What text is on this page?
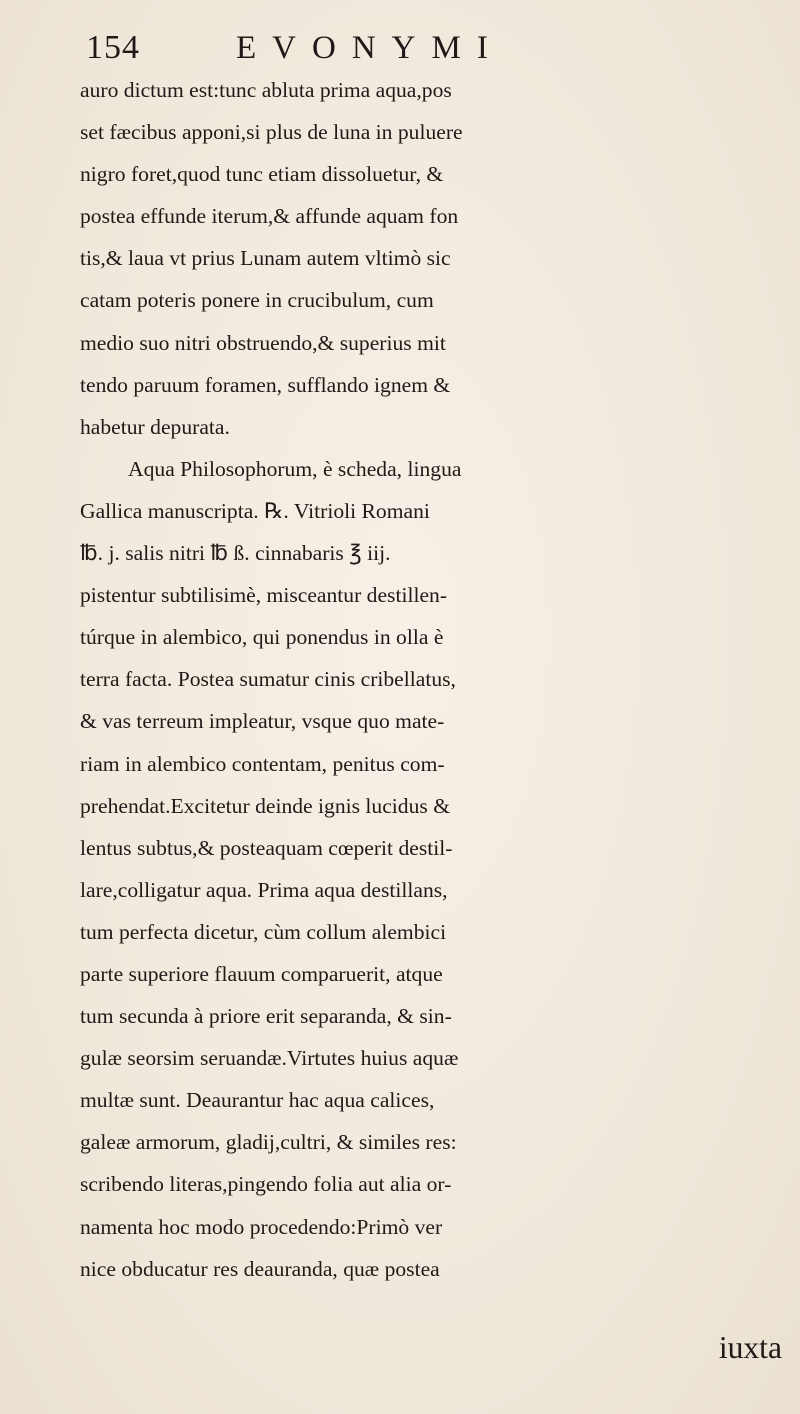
154	EVONYMI
auro dictum est:tunc abluta prima aqua,pos
set fæcibus apponi,si plus de luna in puluere
nigro foret,quod tunc etiam dissoluetur, &
postea effunde iterum,& affunde aquam fon
tis,& laua vt prius Lunam autem vltimò sic
catam poteris ponere in crucibulum, cum
medio suo nitri obstruendo,& superius mit
tendo paruum foramen, sufflando ignem &
habetur depurata.
Aqua Philosophorum, è scheda, lingua
Gallica manuscripta. ℞. Vitrioli Romani
℔. j. salis nitri ℔ ß. cinnabaris ℥ iij.
pistentur subtilisimè, misceantur destillen-
túrque in alembico, qui ponendus in olla è
terra facta. Postea sumatur cinis cribellatus,
& vas terreum impleatur, vsque quo mate-
riam in alembico contentam, penitus com-
prehendat.Excitetur deinde ignis lucidus &
lentus subtus,& posteaquam cœperit destil-
lare,colligatur aqua. Prima aqua destillans,
tum perfecta dicetur, cùm collum alembici
parte superiore flauum comparuerit, atque
tum secunda à priore erit separanda, & sin-
gulæ seorsim seruandæ.Virtutes huius aquæ
multæ sunt. Deaurantur hac aqua calices,
galeæ armorum, gladij,cultri, & similes res:
scribendo literas,pingendo folia aut alia or-
namenta hoc modo procedendo:Primò ver
nice obducatur res deauranda, quæ postea
iuxta
